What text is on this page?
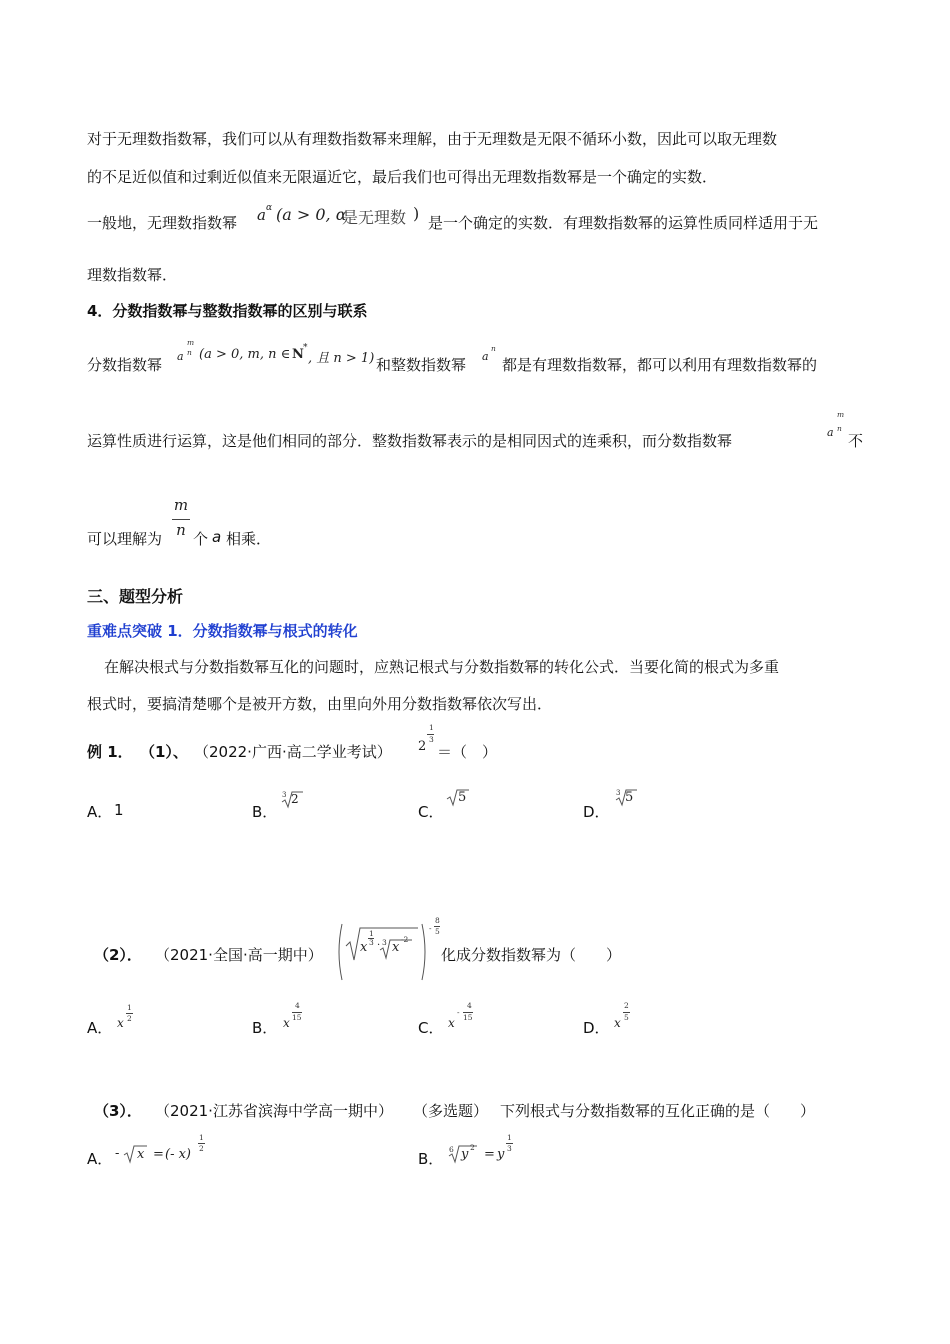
对于无理数指数幂，我们可以从有理数指数幂来理解，由于无理数是无限不循环小数，因此可以取无理数
的不足近似值和过剩近似值来无限逼近它，最后我们也可得出无理数指数幂是一个确定的实数．
一般地，无理数指数幂 a α (a > 0, α
是无理数 ) 是一个确定的实数．有理数指数幂的运算性质同样适用于无
理数指数幂．
4．分数指数幂与整数指数幂的区别与联系
分数指数幂 a
m
n (a > 0, m, n ∈ N *
, 且 n > 1) 和整数指数幂 a
n
都是有理数指数幂，都可以利用有理数指数幂的
运算性质进行运算，这是他们相同的部分．整数指数幂表示的是相同因式的连乘积，而分数指数幂	a
m
n
不
可以理解为
m
n 个 a 相乘．
三、题型分析
重难点突破 1．分数指数幂与根式的转化
在解决根式与分数指数幂互化的问题时，应熟记根式与分数指数幂的转化公式．当要化简的根式为多重
根式时，要搞清楚哪个是被开方数，由里向外用分数指数幂依次写出．
例 1． （1）、 （2022·广西·高二学业考试） 2
1
3
＝（　）
A． 1	B．
3 2
C．
5
D．
3 5
（2）． （2021·全国·高一期中）	x
1
3 · 3 x
-2
-
8
5
化成分数指数幂为（　　）
A． x
1
2
B． x
4
15
C． x
-
4
15
D． x
2
5
（3）． （2021·江苏省滨海中学高一期中） （多选题） 下列根式与分数指数幂的互化正确的是（　　）
A． - x = (- x)
1
2
B．
6 y 2 = y
1
3
